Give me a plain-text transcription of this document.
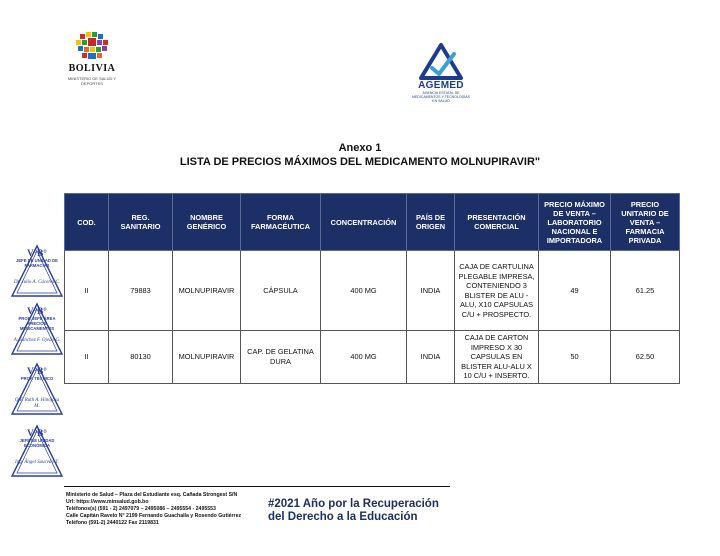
BOLIVIA
MINISTERIO DE SALUD Y DEPORTES	AGEMED
AGENCIA ESTATAL DE MEDICAMENTOS Y TECNOLOGÍAS EN SALUD
Anexo 1
LISTA DE PRECIOS MÁXIMOS DEL MEDICAMENTO MOLNUPIRAVIR"
COD.	REG. SANITARIO	NOMBRE GENÉRICO	FORMA FARMACÉUTICA	CONCENTRACIÓN	PAÍS DE ORIGEN	PRESENTACIÓN COMERCIAL	PRECIO MÁXIMO DE VENTA – LABORATORIO NACIONAL E IMPORTADORA	PRECIO UNITARIO DE VENTA – FARMACIA PRIVADA
II	79883	MOLNUPIRAVIR	CÁPSULA	400 MG	INDIA	CAJA DE CARTULINA PLEGABLE IMPRESA, CONTENIENDO 3 BLISTER DE ALU - ALU, X10 CAPSULAS C/U + PROSPECTO.	49	61.25
II	80130	MOLNUPIRAVIR	CAP. DE GELATINA DURA	400 MG	INDIA	CAJA DE CARTON IMPRESO X 30 CAPSULAS EN BLISTER ALU-ALU X 10 C/U + INSERTO.	50	62.50
V°B°
JEFE DE UNIDAD DE FARMACIAS
Dr. Julio A. Cáceres C.
V°B°
PROF. JEFE ÁREA PRECIOS MEDICAMENTOS
A. Sánchez F. Ojedo G.
V°B°
PROF. TÉCNICO
Q.F. Ruth A. Hinojosa M.
V°B°
JEFE DE UNIDAD ECONÓMICA
Ing. Ángel Saucedo T.
Ministerio de Salud – Plaza del Estudiante esq. Cañada Strongest S/N
Url: https://www.minsalud.gob.bo
Teléfonos(s) (591 - 2) 2497079 – 2495086 – 2495554 - 2495553
Calle Capitán Ravelo N° 2199 Fernando Guachalla y Rosendo Gutiérrez
Teléfono (591-2) 2440122 Fax 2119831
#2021 Año por la Recuperación
del Derecho a la Educación
